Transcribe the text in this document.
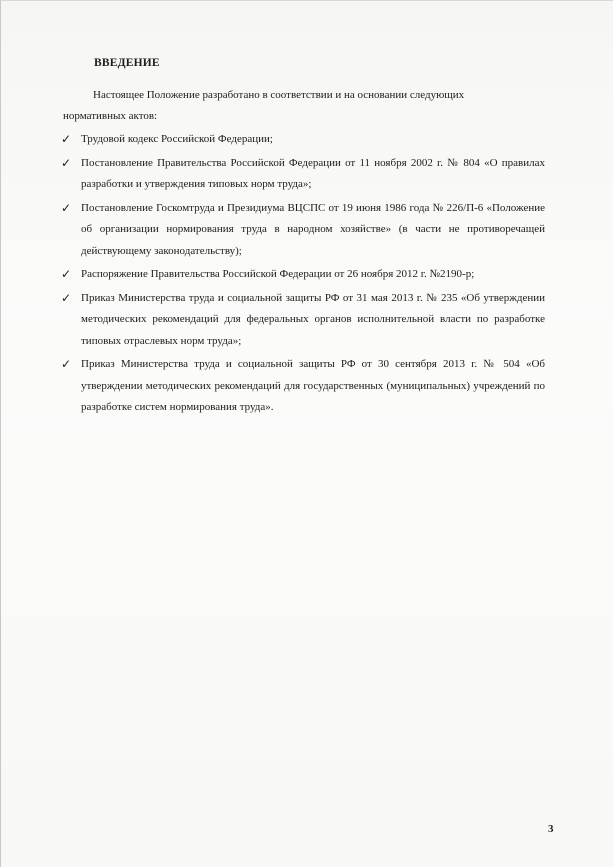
ВВЕДЕНИЕ
Настоящее Положение разработано в соответствии и на основании следующих нормативных актов:
✓ Трудовой кодекс Российской Федерации;
✓ Постановление Правительства Российской Федерации от 11 ноября 2002 г. № 804 «О правилах разработки и утверждения типовых норм труда»;
✓ Постановление Госкомтруда и Президиума ВЦСПС от 19 июня 1986 года № 226/П-6 «Положение об организации нормирования труда в народном хозяйстве» (в части не противоречащей действующему законодательству);
✓ Распоряжение Правительства Российской Федерации от 26 ноября 2012 г. №2190-р;
✓ Приказ Министерства труда и социальной защиты РФ от 31 мая 2013 г. № 235 «Об утверждении методических рекомендаций для федеральных органов исполнительной власти по разработке типовых отраслевых норм труда»;
✓ Приказ Министерства труда и социальной защиты РФ от 30 сентября 2013 г. № 504 «Об утверждении методических рекомендаций для государственных (муниципальных) учреждений по разработке систем нормирования труда».
3
